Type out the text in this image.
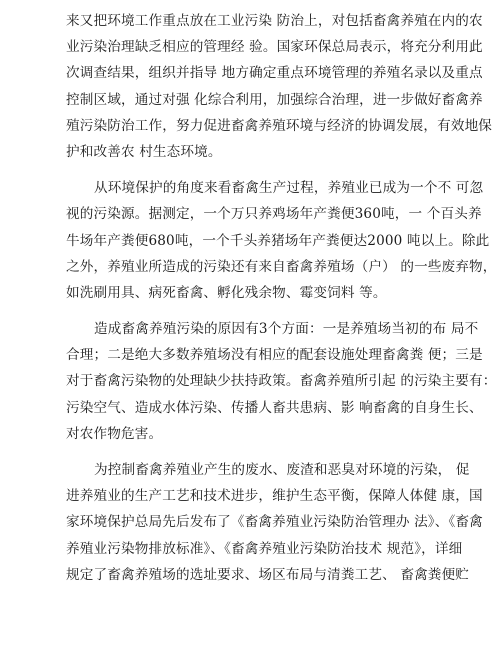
来又把环境工作重点放在工业污染 防治上，对包括畜禽养殖在内的农
业污染治理缺乏相应的管理经 验。国家环保总局表示，将充分利用此
次调查结果，组织并指导 地方确定重点环境管理的养殖名录以及重点
控制区域，通过对强 化综合利用，加强综合治理，进一步做好畜禽养
殖污染防治工作，努力促进畜禽养殖环境与经济的协调发展，有效地保
护和改善农 村生态环境。
从环境保护的角度来看畜禽生产过程，养殖业已成为一个不 可忽
视的污染源。据测定，一个万只养鸡场年产粪便360吨，一 个百头养
牛场年产粪便680吨，一个千头养猪场年产粪便达2000 吨以上。除此
之外，养殖业所造成的污染还有来自畜禽养殖场（户） 的一些废弃物，
如洗刷用具、病死畜禽、孵化残余物、霉变饲料 等。
造成畜禽养殖污染的原因有3个方面：一是养殖场当初的布 局不
合理；二是绝大多数养殖场没有相应的配套设施处理畜禽粪 便；三是
对于畜禽污染物的处理缺少扶持政策。畜禽养殖所引起 的污染主要有：
污染空气、造成水体污染、传播人畜共患病、影 响畜禽的自身生长、
对农作物危害。
为控制畜禽养殖业产生的废水、废渣和恶臭对环境的污染， 促
进养殖业的生产工艺和技术进步，维护生态平衡，保障人体健 康，国
家环境保护总局先后发布了《畜禽养殖业污染防治管理办 法》、《畜禽
养殖业污染物排放标准》、《畜禽养殖业污染防治技术 规范》，详细
规定了畜禽养殖场的选址要求、场区布局与清粪工艺、 畜禽粪便贮
